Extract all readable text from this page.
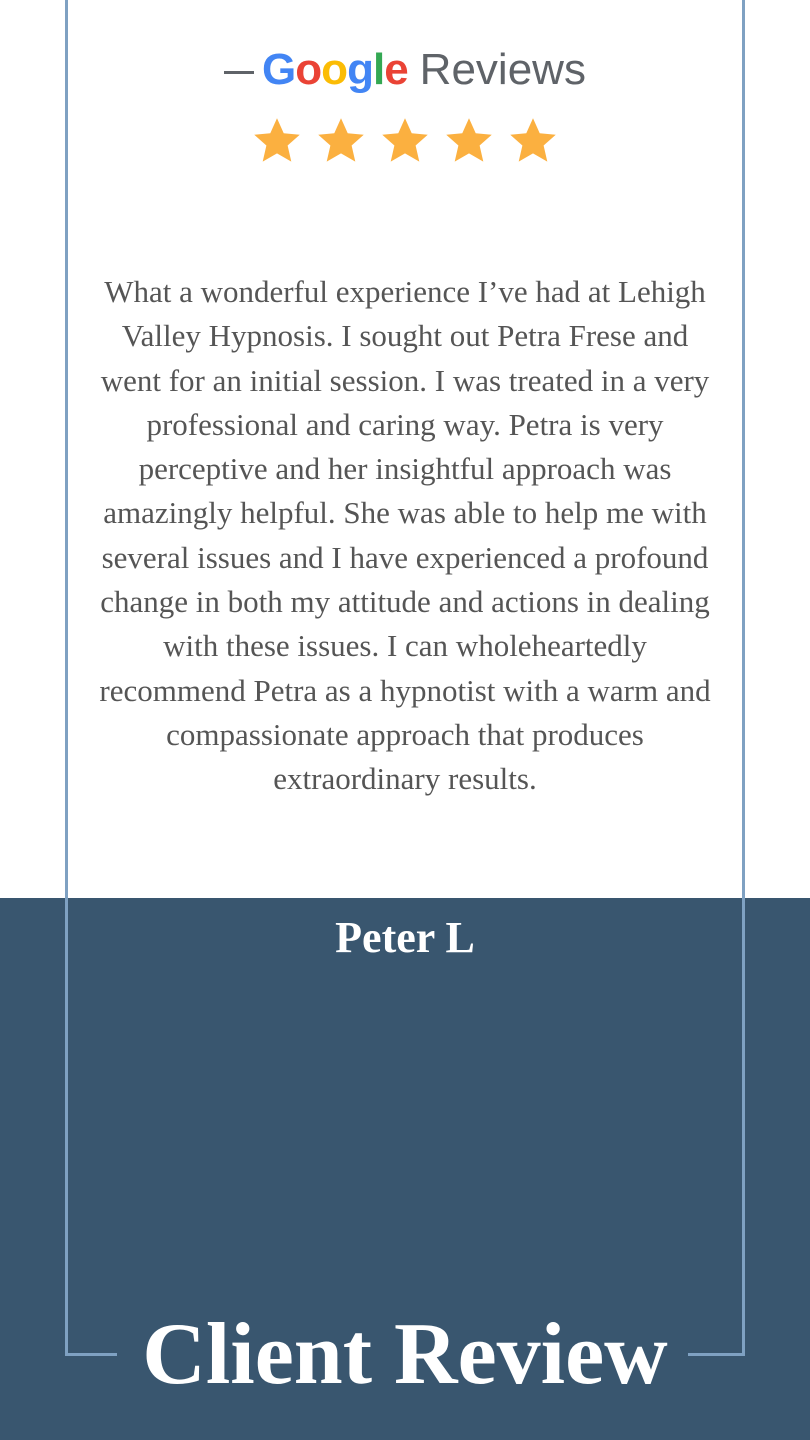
Google Reviews
What a wonderful experience I’ve had at Lehigh Valley Hypnosis. I sought out Petra Frese and went for an initial session. I was treated in a very professional and caring way. Petra is very perceptive and her insightful approach was amazingly helpful. She was able to help me with several issues and I have experienced a profound change in both my attitude and actions in dealing with these issues. I can wholeheartedly recommend Petra as a hypnotist with a warm and compassionate approach that produces extraordinary results.
Peter L
Client Review
